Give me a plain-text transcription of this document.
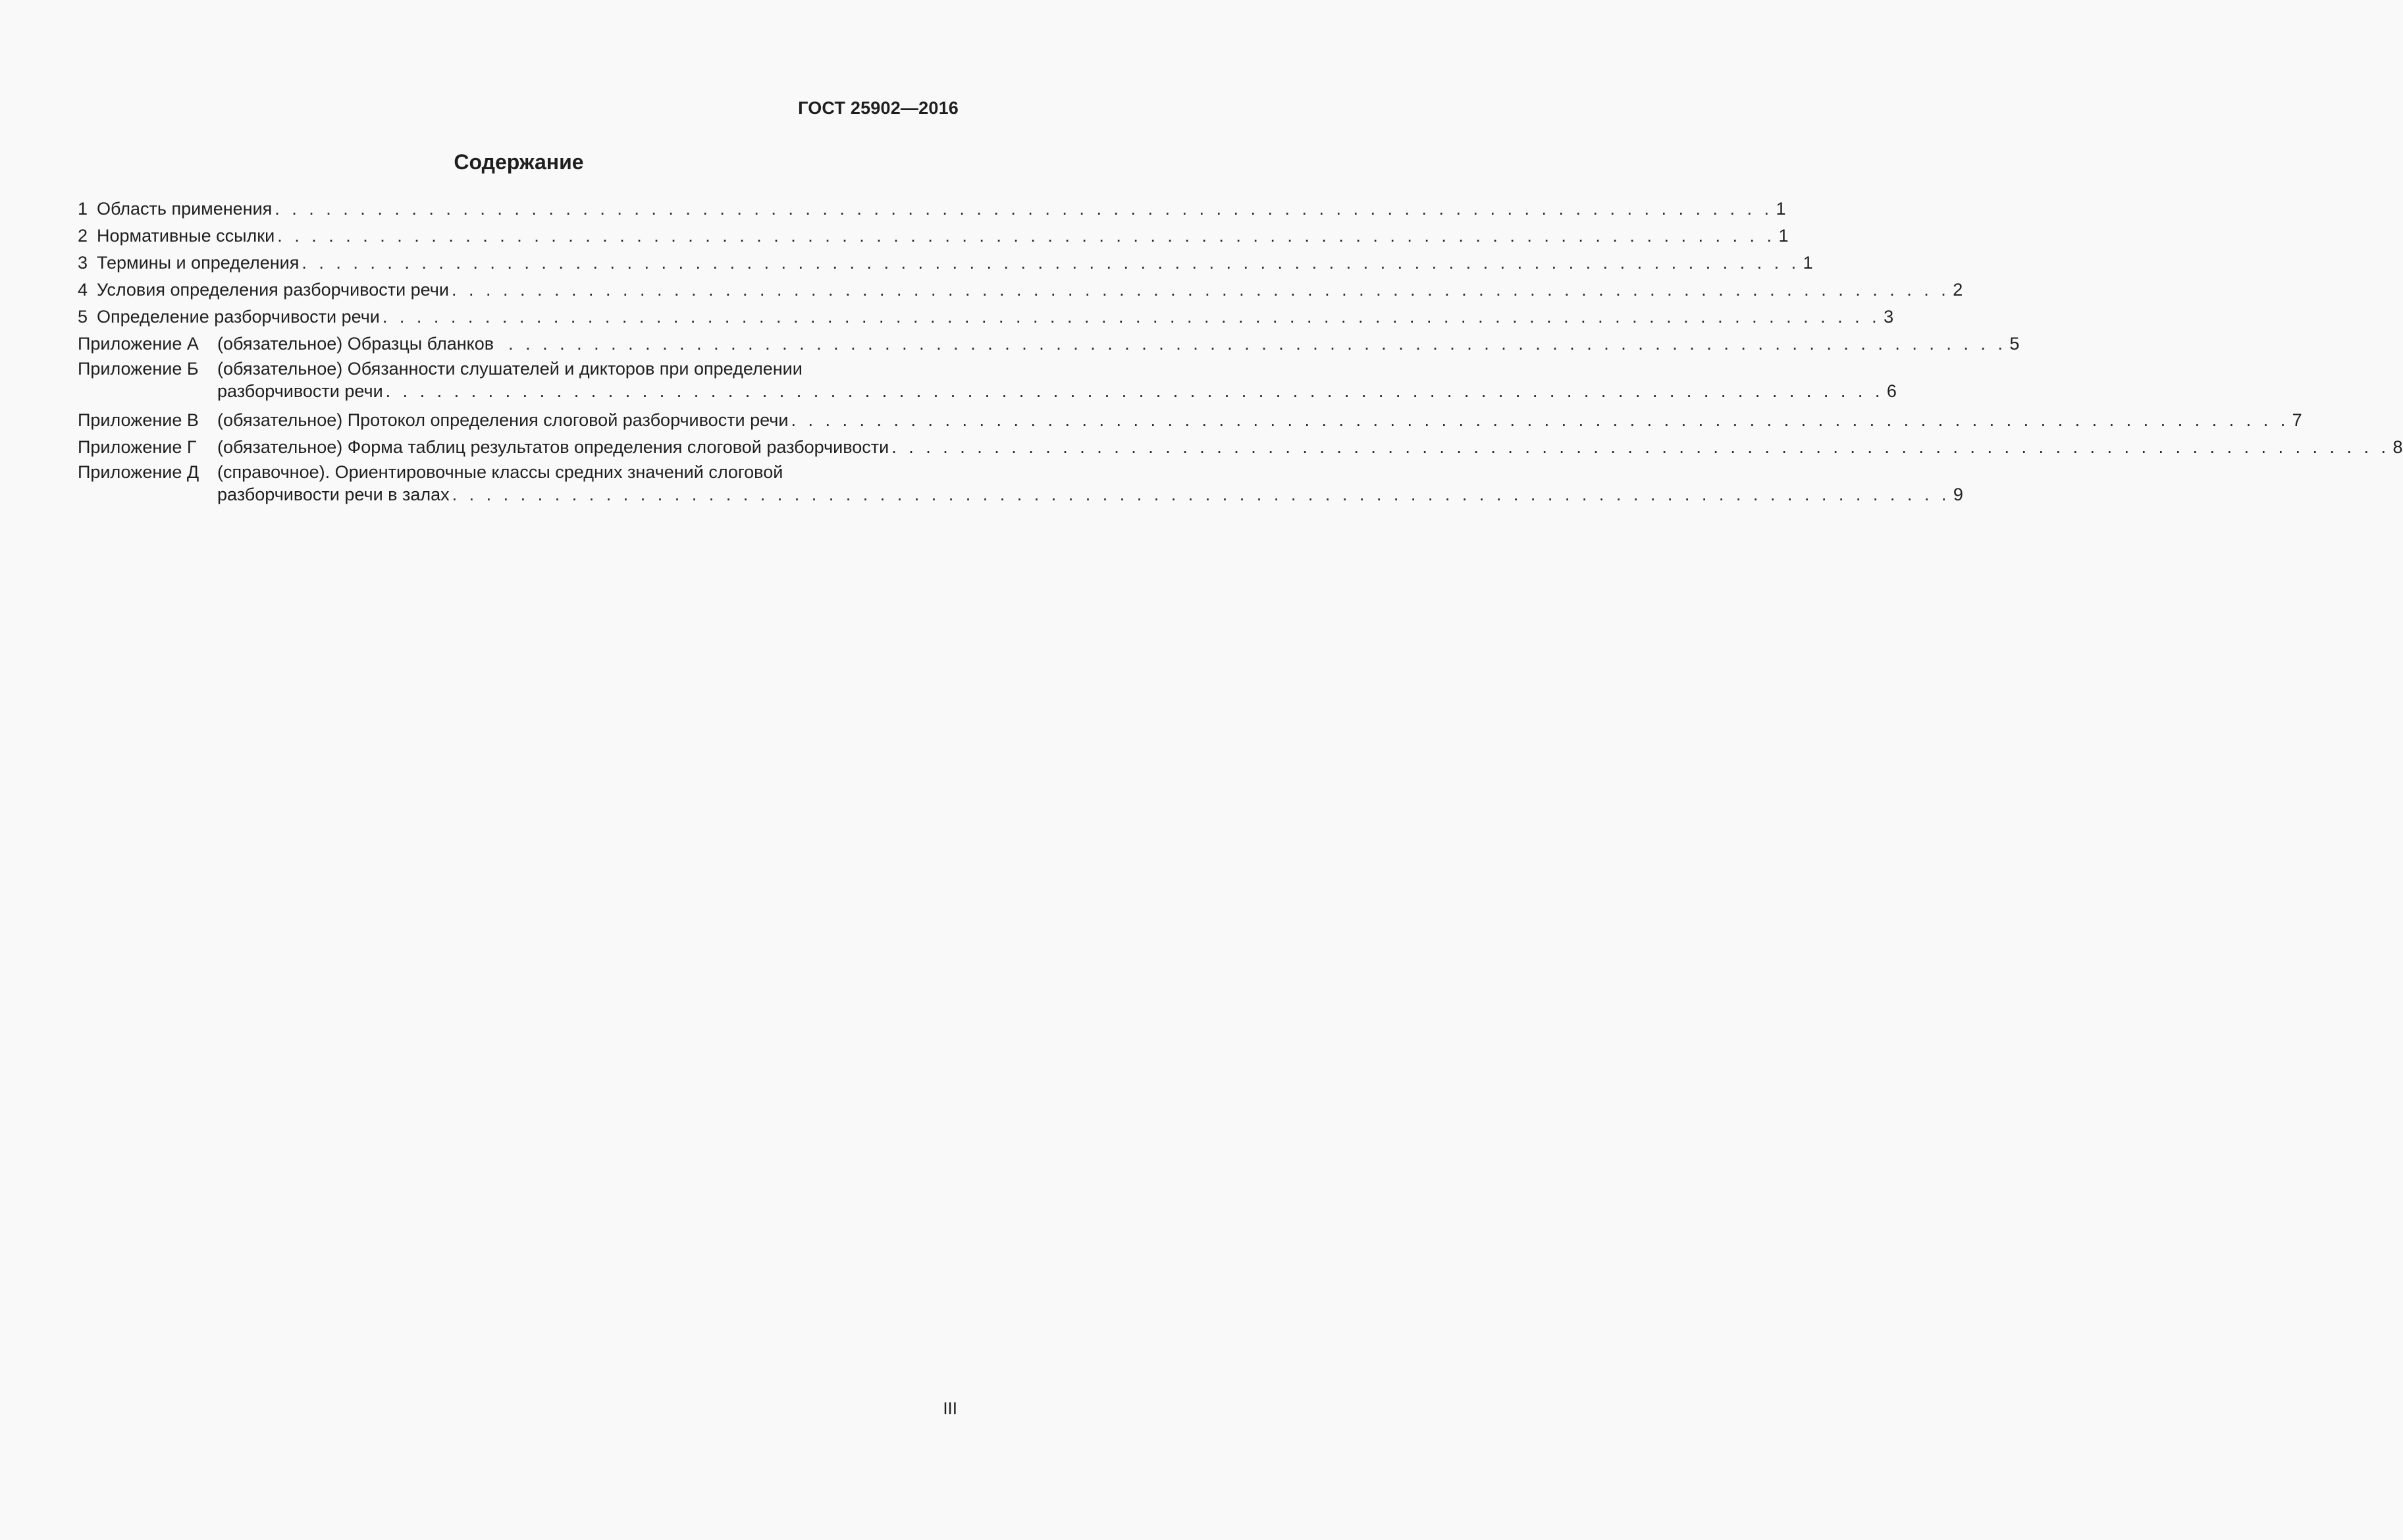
ГОСТ 25902—2016
Содержание
1 Область применения . . . . . . . . . . . . . . . . . . . . . . . . . . . . . . . . . . . . . . . . . . . . . . . . . . . . . . . . . . . . . . . . . . . . . . . . . . . . . . . . . . . . . . . . 1
2 Нормативные ссылки . . . . . . . . . . . . . . . . . . . . . . . . . . . . . . . . . . . . . . . . . . . . . . . . . . . . . . . . . . . . . . . . . . . . . . . . . . . . . . . . . . . . . . . . 1
3 Термины и определения . . . . . . . . . . . . . . . . . . . . . . . . . . . . . . . . . . . . . . . . . . . . . . . . . . . . . . . . . . . . . . . . . . . . . . . . . . . . . . . . . . . . . . . . 1
4 Условия определения разборчивости речи . . . . . . . . . . . . . . . . . . . . . . . . . . . . . . . . . . . . . . . . . . . . . . . . . . . . . . . . . . . . . . . . . . . . . . . . . . . . . . . . . . . . . . . . 2
5 Определение разборчивости речи . . . . . . . . . . . . . . . . . . . . . . . . . . . . . . . . . . . . . . . . . . . . . . . . . . . . . . . . . . . . . . . . . . . . . . . . . . . . . . . . . . . . . . . . 3
Приложение А	(обязательное) Образцы бланков . . . . . . . . . . . . . . . . . . . . . . . . . . . . . . . . . . . . . . . . . . . . . . . . . . . . . . . . . . . . . . . . . . . . . . . . . . . . . . . . . . . . . . . . 5
Приложение Б (обязательное) Обязанности слушателей и дикторов при определении
разборчивости речи . . . . . . . . . . . . . . . . . . . . . . . . . . . . . . . . . . . . . . . . . . . . . . . . . . . . . . . . . . . . . . . . . . . . . . . . . . . . . . . . . . . . . . . . 6
Приложение В	(обязательное) Протокол определения слоговой разборчивости речи . . . . . . . . . . . . . . . . . . . . . . . . . . . . . . . . . . . . . . . . . . . . . . . . . . . . . . . . . . . . . . . . . . . . . . . . . . . . . . . . . . . . . . . . 7
Приложение Г	(обязательное) Форма таблиц результатов определения слоговой разборчивости . . . . . . . . . . . . . . . . . . . . . . . . . . . . . . . . . . . . . . . . . . . . . . . . . . . . . . . . . . . . . . . . . . . . . . . . . . . . . . . . . . . . . . . . 8
Приложение Д (справочное). Ориентировочные классы средних значений слоговой
разборчивости речи в залах . . . . . . . . . . . . . . . . . . . . . . . . . . . . . . . . . . . . . . . . . . . . . . . . . . . . . . . . . . . . . . . . . . . . . . . . . . . . . . . . . . . . . . . . 9
III
